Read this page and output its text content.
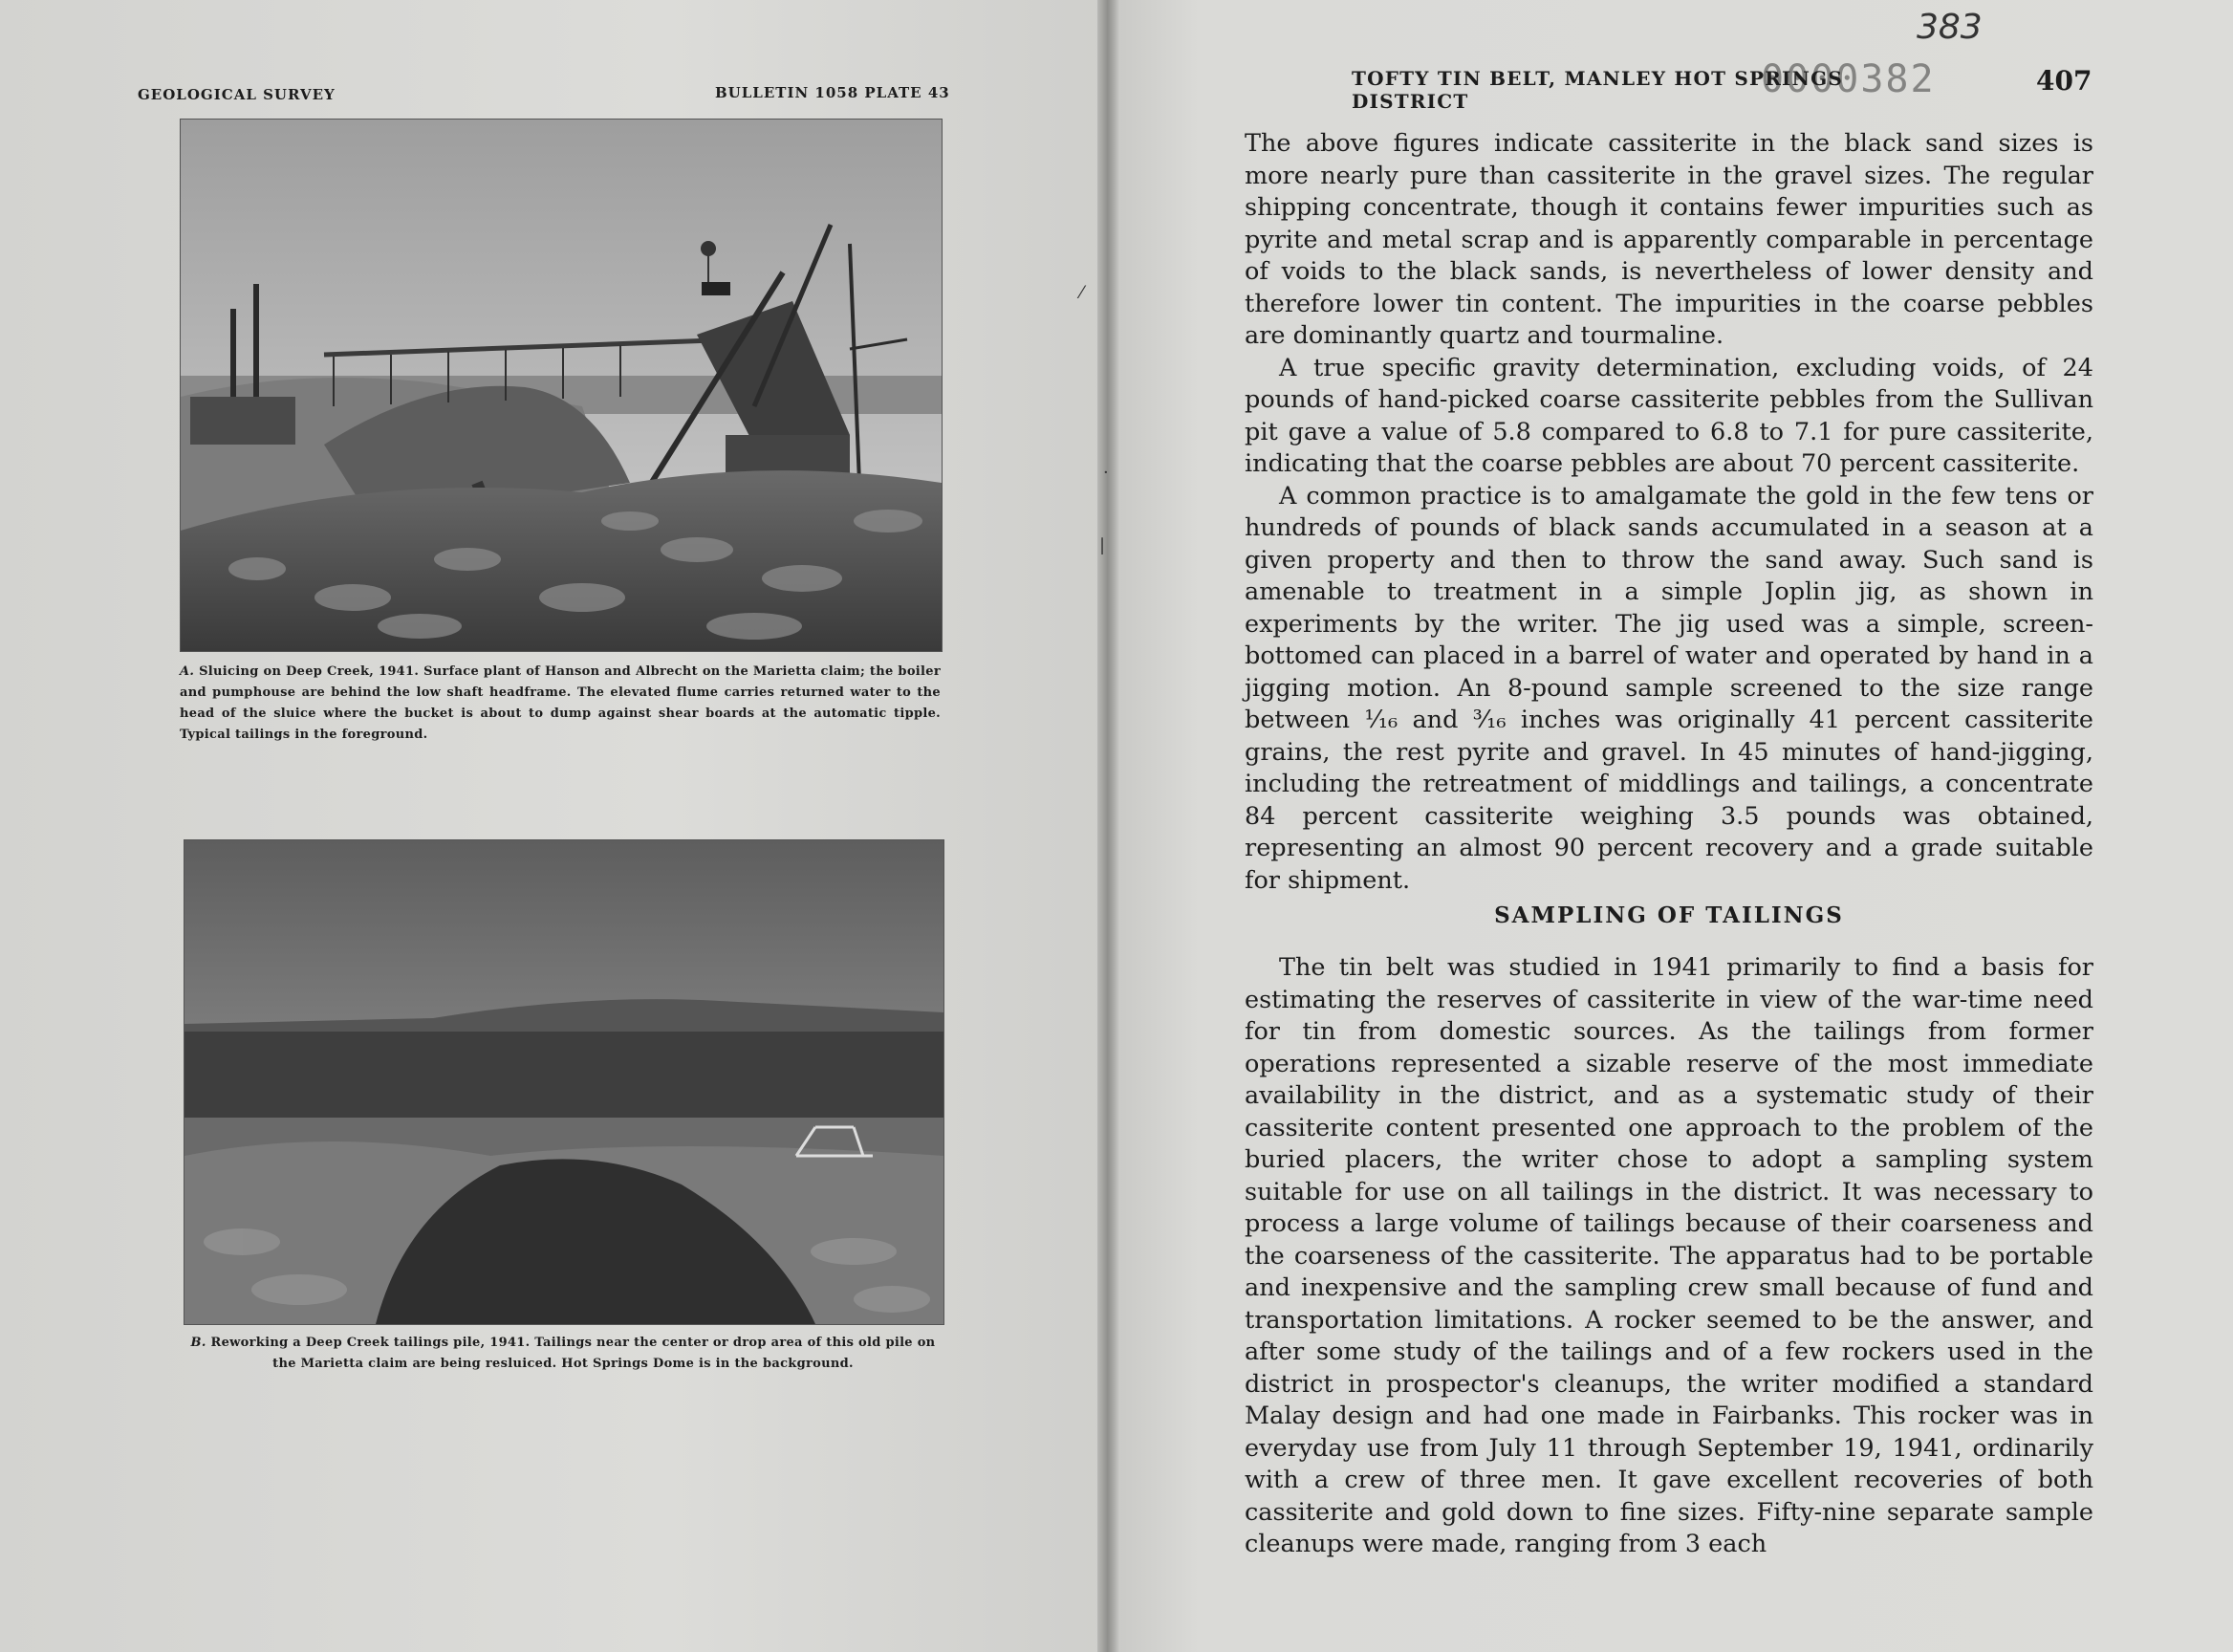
GEOLOGICAL SURVEY	BULLETIN 1058 PLATE 43
A. Sluicing on Deep Creek, 1941. Surface plant of Hanson and Albrecht on the Marietta claim; the boiler and pumphouse are behind the low shaft headframe. The elevated flume carries returned water to the head of the sluice where the bucket is about to dump against shear boards at the automatic tipple. Typical tailings in the foreground.
B. Reworking a Deep Creek tailings pile, 1941. Tailings near the center or drop area of this old pile on the Marietta claim are being resluiced. Hot Springs Dome is in the background.
383
0000382
TOFTY TIN BELT, MANLEY HOT SPRINGS DISTRICT
407

The above figures indicate cassiterite in the black sand sizes is more nearly pure than cassiterite in the gravel sizes. The regular shipping concentrate, though it contains fewer impurities such as pyrite and metal scrap and is apparently comparable in percentage of voids to the black sands, is nevertheless of lower density and therefore lower tin content. The impurities in the coarse pebbles are dominantly quartz and tourmaline.

A true specific gravity determination, excluding voids, of 24 pounds of hand-picked coarse cassiterite pebbles from the Sullivan pit gave a value of 5.8 compared to 6.8 to 7.1 for pure cassiterite, indicating that the coarse pebbles are about 70 percent cassiterite.

A common practice is to amalgamate the gold in the few tens or hundreds of pounds of black sands accumulated in a season at a given property and then to throw the sand away. Such sand is amenable to treatment in a simple Joplin jig, as shown in experiments by the writer. The jig used was a simple, screen-bottomed can placed in a barrel of water and operated by hand in a jigging motion. An 8-pound sample screened to the size range between ¹⁄₁₆ and ³⁄₁₆ inches was originally 41 percent cassiterite grains, the rest pyrite and gravel. In 45 minutes of hand-jigging, including the retreatment of middlings and tailings, a concentrate 84 percent cassiterite weighing 3.5 pounds was obtained, representing an almost 90 percent recovery and a grade suitable for shipment.

SAMPLING OF TAILINGS

The tin belt was studied in 1941 primarily to find a basis for estimating the reserves of cassiterite in view of the war-time need for tin from domestic sources. As the tailings from former operations represented a sizable reserve of the most immediate availability in the district, and as a systematic study of their cassiterite content presented one approach to the problem of the buried placers, the writer chose to adopt a sampling system suitable for use on all tailings in the district. It was necessary to process a large volume of tailings because of their coarseness and the coarseness of the cassiterite. The apparatus had to be portable and inexpensive and the sampling crew small because of fund and transportation limitations. A rocker seemed to be the answer, and after some study of the tailings and of a few rockers used in the district in prospector's cleanups, the writer modified a standard Malay design and had one made in Fairbanks. This rocker was in everyday use from July 11 through September 19, 1941, ordinarily with a crew of three men. It gave excellent recoveries of both cassiterite and gold down to fine sizes. Fifty-nine separate sample cleanups were made, ranging from 3 each

⁄
·
|
